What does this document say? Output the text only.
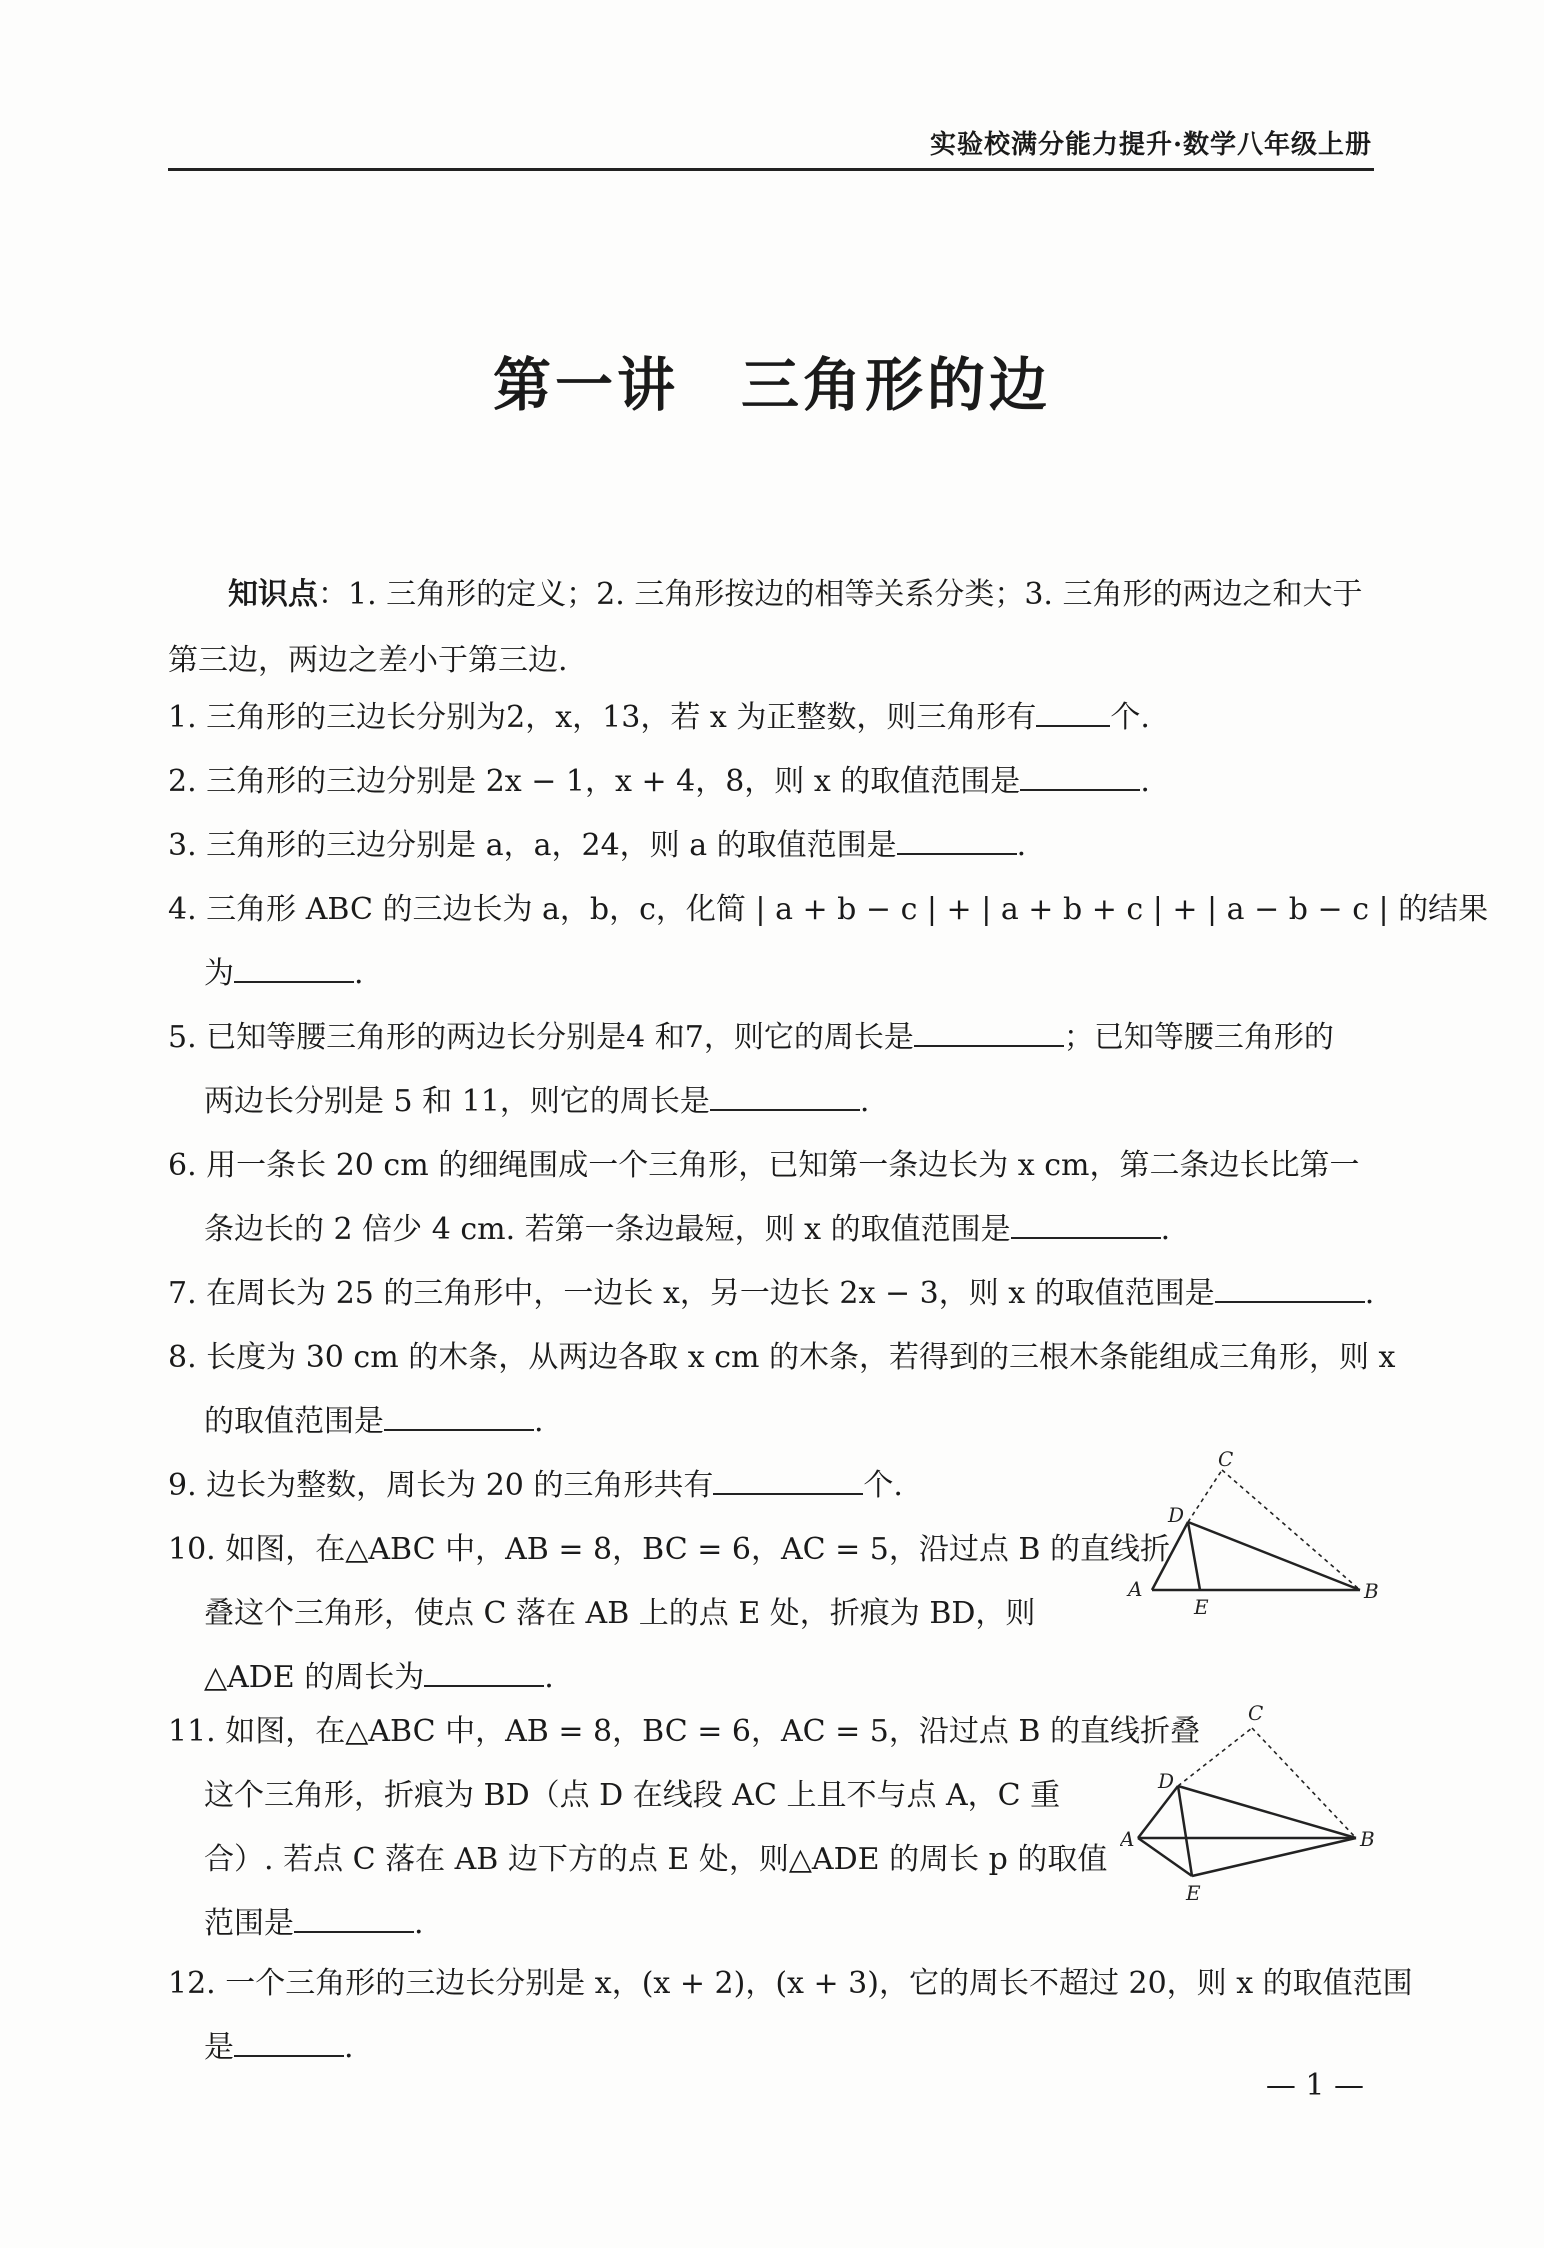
实验校满分能力提升·数学八年级上册
第一讲　三角形的边
知识点：1. 三角形的定义；2. 三角形按边的相等关系分类；3. 三角形的两边之和大于
第三边，两边之差小于第三边.
1. 三角形的三边长分别为2，x，13，若 x 为正整数，则三角形有 个.
2. 三角形的三边分别是 2x − 1，x + 4，8，则 x 的取值范围是	.
3. 三角形的三边分别是 a，a，24，则 a 的取值范围是	.
4. 三角形 ABC 的三边长为 a，b，c，化简 | a + b − c | + | a + b + c | + | a − b − c | 的结果
为	.
5. 已知等腰三角形的两边长分别是4 和7，则它的周长是	；已知等腰三角形的
两边长分别是 5 和 11，则它的周长是	.
6. 用一条长 20 cm 的细绳围成一个三角形，已知第一条边长为 x cm，第二条边长比第一
条边长的 2 倍少 4 cm. 若第一条边最短，则 x 的取值范围是	.
7. 在周长为 25 的三角形中，一边长 x，另一边长 2x − 3，则 x 的取值范围是	.
8. 长度为 30 cm 的木条，从两边各取 x cm 的木条，若得到的三根木条能组成三角形，则 x
的取值范围是	.
9. 边长为整数，周长为 20 的三角形共有	个.
10. 如图，在△ABC 中，AB = 8，BC = 6，AC = 5，沿过点 B 的直线折
叠这个三角形，使点 C 落在 AB 上的点 E 处，折痕为 BD，则
△ADE 的周长为	.
11. 如图，在△ABC 中，AB = 8，BC = 6，AC = 5，沿过点 B 的直线折叠
这个三角形，折痕为 BD（点 D 在线段 AC 上且不与点 A，C 重
合）. 若点 C 落在 AB 边下方的点 E 处，则△ADE 的周长 p 的取值
范围是	.
12. 一个三角形的三边长分别是 x，(x + 2)，(x + 3)，它的周长不超过 20，则 x 的取值范围
是	.
C
D
A
E
B
C
D
A	B
E
— 1 —
